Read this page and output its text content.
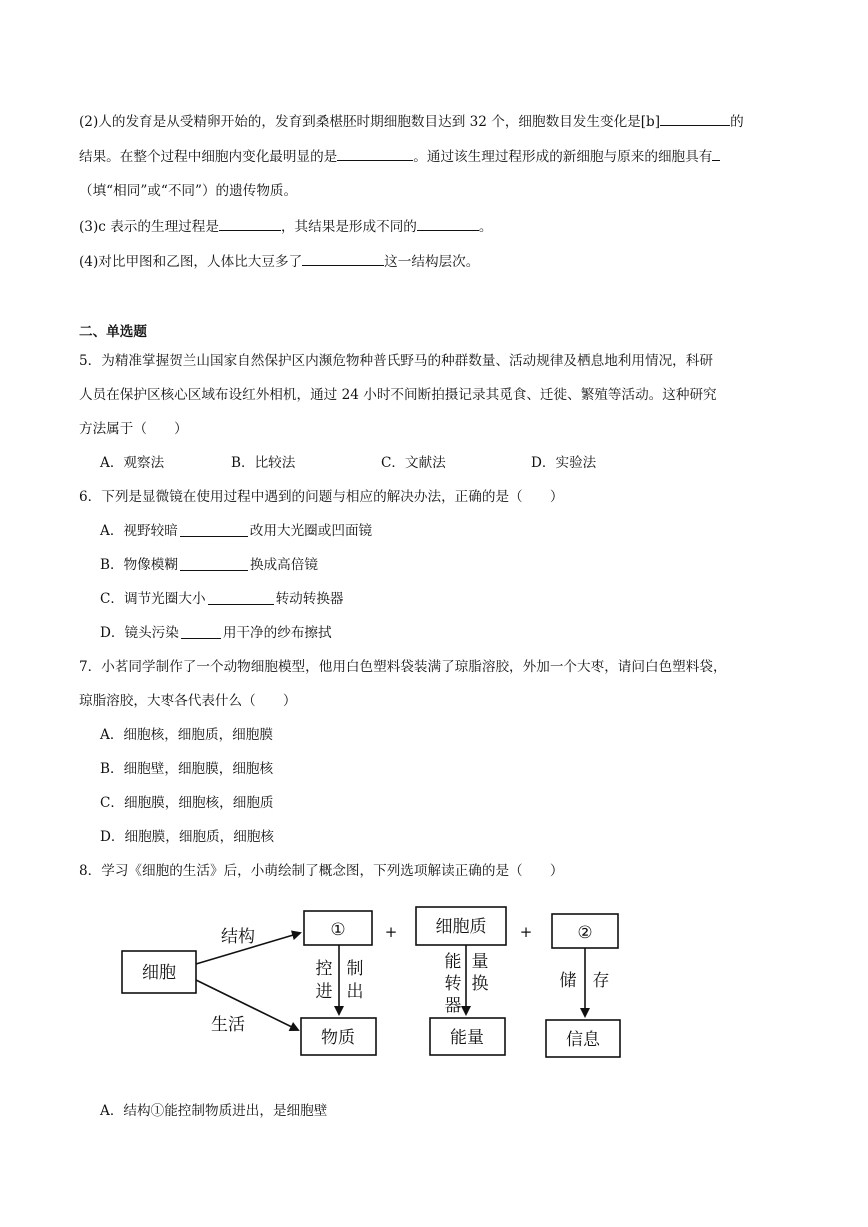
(2)人的发育是从受精卵开始的，发育到桑椹胚时期细胞数目达到 32 个，细胞数目发生变化是[b]	的
结果。在整个过程中细胞内变化最明显的是	。通过该生理过程形成的新细胞与原来的细胞具有
（填“相同”或“不同”）的遗传物质。
(3)c 表示的生理过程是	，其结果是形成不同的	。
(4)对比甲图和乙图，人体比大豆多了	这一结构层次。
二、单选题
5．为精准掌握贺兰山国家自然保护区内濒危物种普氏野马的种群数量、活动规律及栖息地利用情况，科研
人员在保护区核心区域布设红外相机，通过 24 小时不间断拍摄记录其觅食、迁徙、繁殖等活动。这种研究
方法属于（　　）
A．观察法	B．比较法	C．文献法	D．实验法
6．下列是显微镜在使用过程中遇到的问题与相应的解决办法，正确的是（　　）
A．视野较暗	改用大光圈或凹面镜
B．物像模糊	换成高倍镜
C．调节光圈大小	转动转换器
D．镜头污染	用干净的纱布擦拭
7．小茗同学制作了一个动物细胞模型，他用白色塑料袋装满了琼脂溶胶，外加一个大枣，请问白色塑料袋，
琼脂溶胶，大枣各代表什么（　　）
A．细胞核，细胞质，细胞膜
B．细胞壁，细胞膜，细胞核
C．细胞膜，细胞核，细胞质
D．细胞膜，细胞质，细胞核
8．学习《细胞的生活》后，小萌绘制了概念图，下列选项解读正确的是（　　）
细胞
结构
生活
①	+ 细胞质 +	②
控
进
制
出
能
转
器
量
换	储 存
物质	能量	信息
A．结构①能控制物质进出，是细胞壁
